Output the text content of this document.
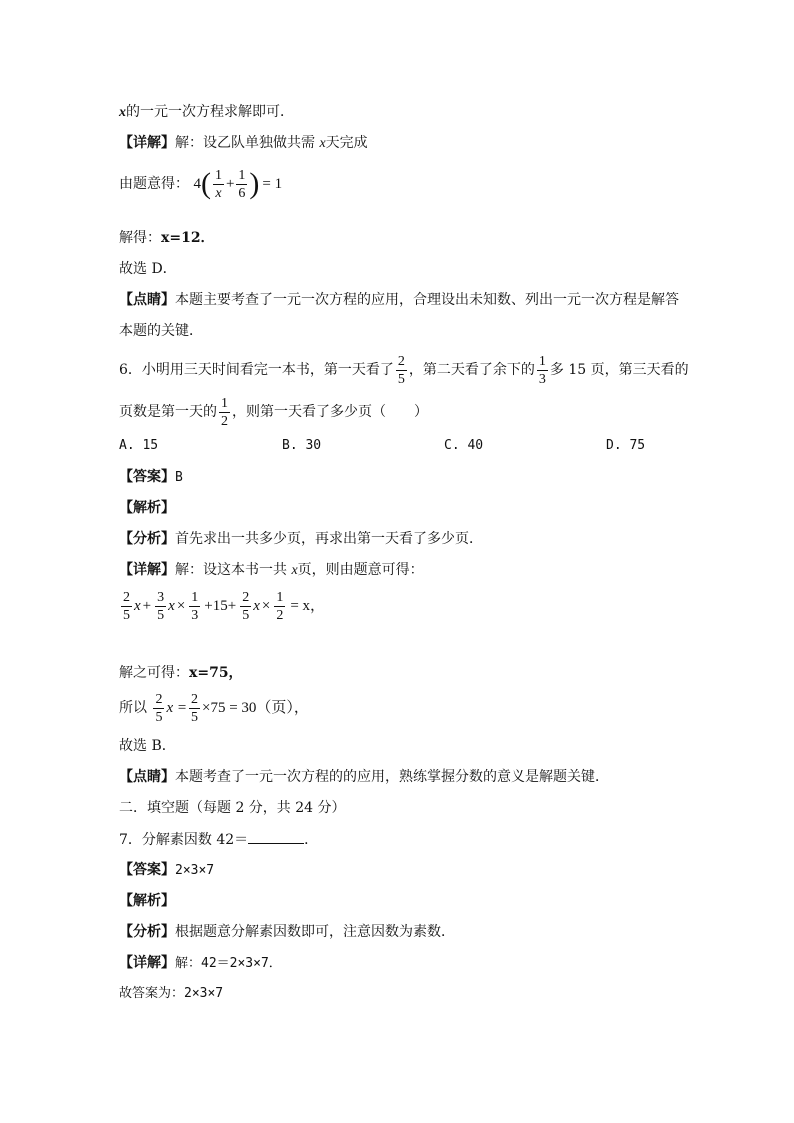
x的一元一次方程求解即可．
【详解】解：设乙队单独做共需 x天完成
由题意得： 4 ( $\frac{1}{x} + \frac{1}{6}$ ) = 1
解得：x=12．
故选 D．
【点睛】本题主要考查了一元一次方程的应用，合理设出未知数、列出一元一次方程是解答
本题的关键．
6．小明用三天时间看完一本书，第一天看了 $\frac{2}{5}$ ，第二天看了余下的 $\frac{1}{3}$ 多 15 页，第三天看的
页数是第一天的 $\frac{1}{2}$ ，则第一天看了多少页（　　）
A. 15	B. 30	C. 40	D. 75
【答案】B
【解析】
【分析】首先求出一共多少页，再求出第一天看了多少页．
【详解】解：设这本书一共 x页，则由题意可得：
$\frac{2}{5}$ $x + \frac{3}{5}$ $x \times \frac{1}{3} +15+ \frac{2}{5}$ $x \times \frac{1}{2} = x$，
解之可得：x=75，
所以 $\frac{2}{5}$ $x = \frac{2}{5} \times 75 = 30$（页），
故选 B．
【点睛】本题考查了一元一次方程的的应用，熟练掌握分数的意义是解题关键．
二．填空题（每题 2 分，共 24 分）
7．分解素因数 42＝	．
【答案】2×3×7
【解析】
【分析】根据题意分解素因数即可，注意因数为素数．
【详解】解：42＝2×3×7．
故答案为：2×3×7
